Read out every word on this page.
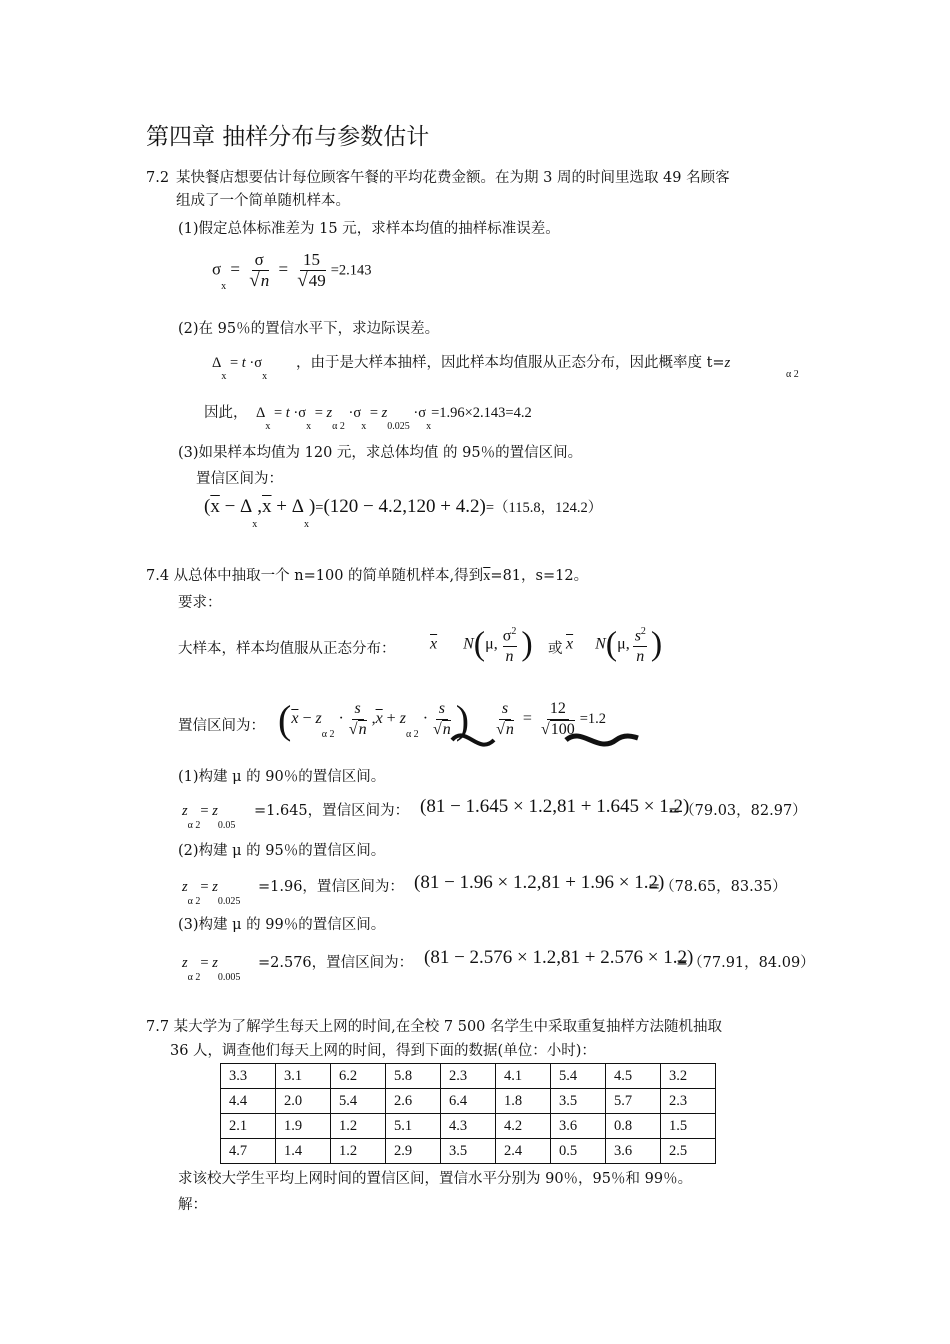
第四章 抽样分布与参数估计
7.2 某快餐店想要估计每位顾客午餐的平均花费金额。在为期 3 周的时间里选取 49 名顾客
组成了一个简单随机样本。
(1)假定总体标准差为 15 元，求样本均值的抽样标准误差。
$\sigma_x = \frac{\sigma}{√n} = \frac{15}{√49} =2.143$
(2)在 95％的置信水平下，求边际误差。
$\Delta_x = t \cdot\sigma_x$
，由于是大样本抽样，因此样本均值服从正态分布，因此概率度 t=z
α 2
因此， $\Delta_x = t \cdot\sigma_x = z_{\alpha 2} \cdot\sigma_x = z_{0.025} \cdot\sigma_x=1.96\times 2.143=4.2$
(3)如果样本均值为 120 元，求总体均值 的 95％的置信区间。
置信区间为：
$(\overline{x} - \Delta_x,\overline{x} + \Delta_x)=(120 - 4.2,120 + 4.2)=(115.8$，124.2）
7.4 从总体中抽取一个 n=100 的简单随机样本,得到$\overline{x}=81$，s=12。
要求：
大样本，样本均值服从正态分布： $\overline{x}$ N(μ, $\frac{\sigma^2}{n}$ ) 或 $\overline{x}$ N(μ, $\frac{s^2}{n}$ )
置信区间为： ($\overline{x} - z_{\alpha 2} \cdot \frac{s}{√n} ,\overline{x} + z_{\alpha 2} \cdot \frac{s}{√n}$ ) $\frac{s}{√n} = \frac{12}{√100} =1.2$
(1)构建 μ 的 90％的置信区间。
$z_{\alpha 2}= z_{0.05}$
=1.645，置信区间为： (81 − 1.645 × 1.2,81 + 1.645 × 1.2)
=（79.03，82.97）
(2)构建 μ 的 95％的置信区间。
$z_{\alpha 2}= z_{0.025}$
=1.96，置信区间为： (81 − 1.96 × 1.2,81 + 1.96 × 1.2)
=（78.65，83.35）
(3)构建 μ 的 99％的置信区间。
$z_{\alpha 2}= z_{0.005}$
=2.576，置信区间为： (81 − 2.576 × 1.2,81 + 2.576 × 1.2)
=（77.91，84.09）
7.7 某大学为了解学生每天上网的时间,在全校 7 500 名学生中采取重复抽样方法随机抽取
36 人，调查他们每天上网的时间，得到下面的数据(单位：小时)：
3.3	3.1	6.2	5.8	2.3	4.1	5.4	4.5	3.2
4.4	2.0	5.4	2.6	6.4	1.8	3.5	5.7	2.3
2.1	1.9	1.2	5.1	4.3	4.2	3.6	0.8	1.5
4.7	1.4	1.2	2.9	3.5	2.4	0.5	3.6	2.5
求该校大学生平均上网时间的置信区间，置信水平分别为 90％，95％和 99％。
解：
